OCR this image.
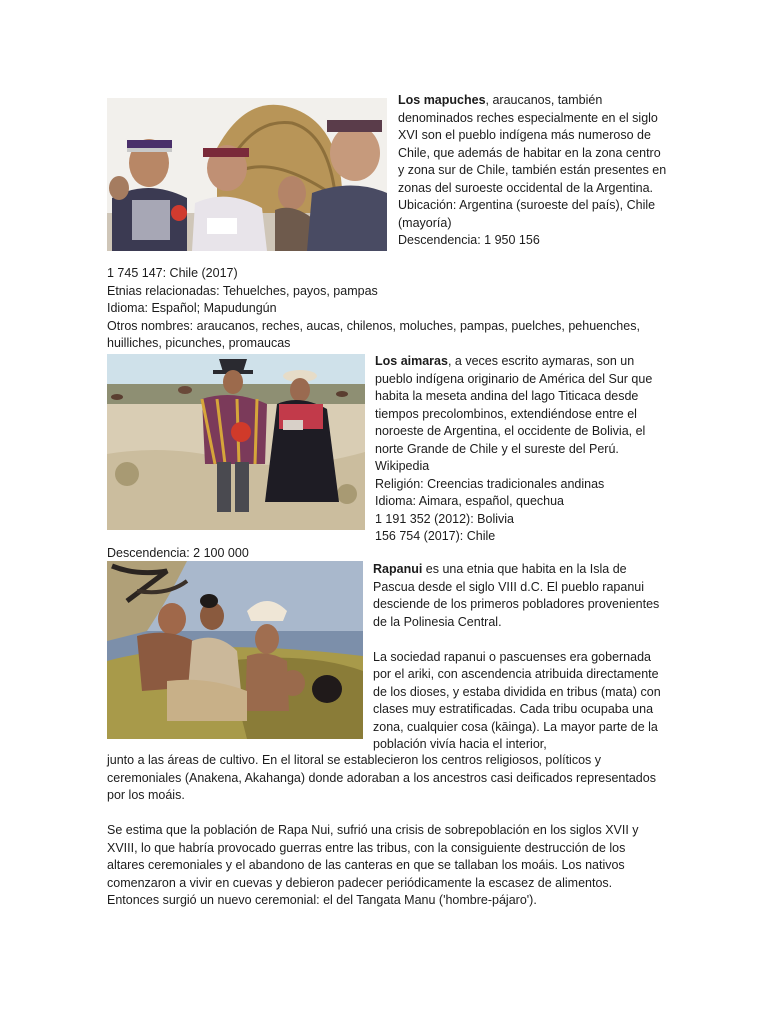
Los mapuches, araucanos, también denominados reches especialmente en el siglo XVI son el pueblo indígena más numeroso de Chile, que además de habitar en la zona centro y zona sur de Chile, también están presentes en zonas del suroeste occidental de la Argentina.

Ubicación: Argentina (suroeste del país), Chile (mayoría)

Descendencia: 1 950 156

1 745 147: Chile (2017)

Etnias relacionadas: Tehuelches, payos, pampas

Idioma: Español; Mapudungún

Otros nombres: araucanos, reches, aucas, chilenos, moluches, pampas, puelches, pehuenches, huilliches, picunches, promaucas

Los aimaras, a veces escrito aymaras, son un pueblo indígena originario de América del Sur que habita la meseta andina del lago Titicaca desde tiempos precolombinos, extendiéndose entre el noroeste de Argentina, el occidente de Bolivia, el norte Grande de Chile y el sureste del Perú.

Wikipedia

Religión: Creencias tradicionales andinas

Idioma: Aimara, español, quechua

1 191 352 (2012): Bolivia

156 754 (2017): Chile

Descendencia: 2 100 000

Rapanui es una etnia que habita en la Isla de Pascua desde el siglo VIII d.C. El pueblo rapanui desciende de los primeros pobladores provenientes de la Polinesia Central.

La sociedad rapanui o pascuenses era gobernada por el ariki, con ascendencia atribuida directamente de los dioses, y estaba dividida en tribus (mata) con clases muy estratificadas. Cada tribu ocupaba una zona, cualquier cosa (kāinga). La mayor parte de la población vivía hacia el interior,

junto a las áreas de cultivo. En el litoral se establecieron los centros religiosos, políticos y ceremoniales (Anakena, Akahanga) donde adoraban a los ancestros casi deificados representados por los moáis.

Se estima que la población de Rapa Nui, sufrió una crisis de sobrepoblación en los siglos XVII y XVIII, lo que habría provocado guerras entre las tribus, con la consiguiente destrucción de los altares ceremoniales y el abandono de las canteras en que se tallaban los moáis. Los nativos comenzaron a vivir en cuevas y debieron padecer periódicamente la escasez de alimentos. Entonces surgió un nuevo ceremonial: el del Tangata Manu ('hombre-pájaro').
